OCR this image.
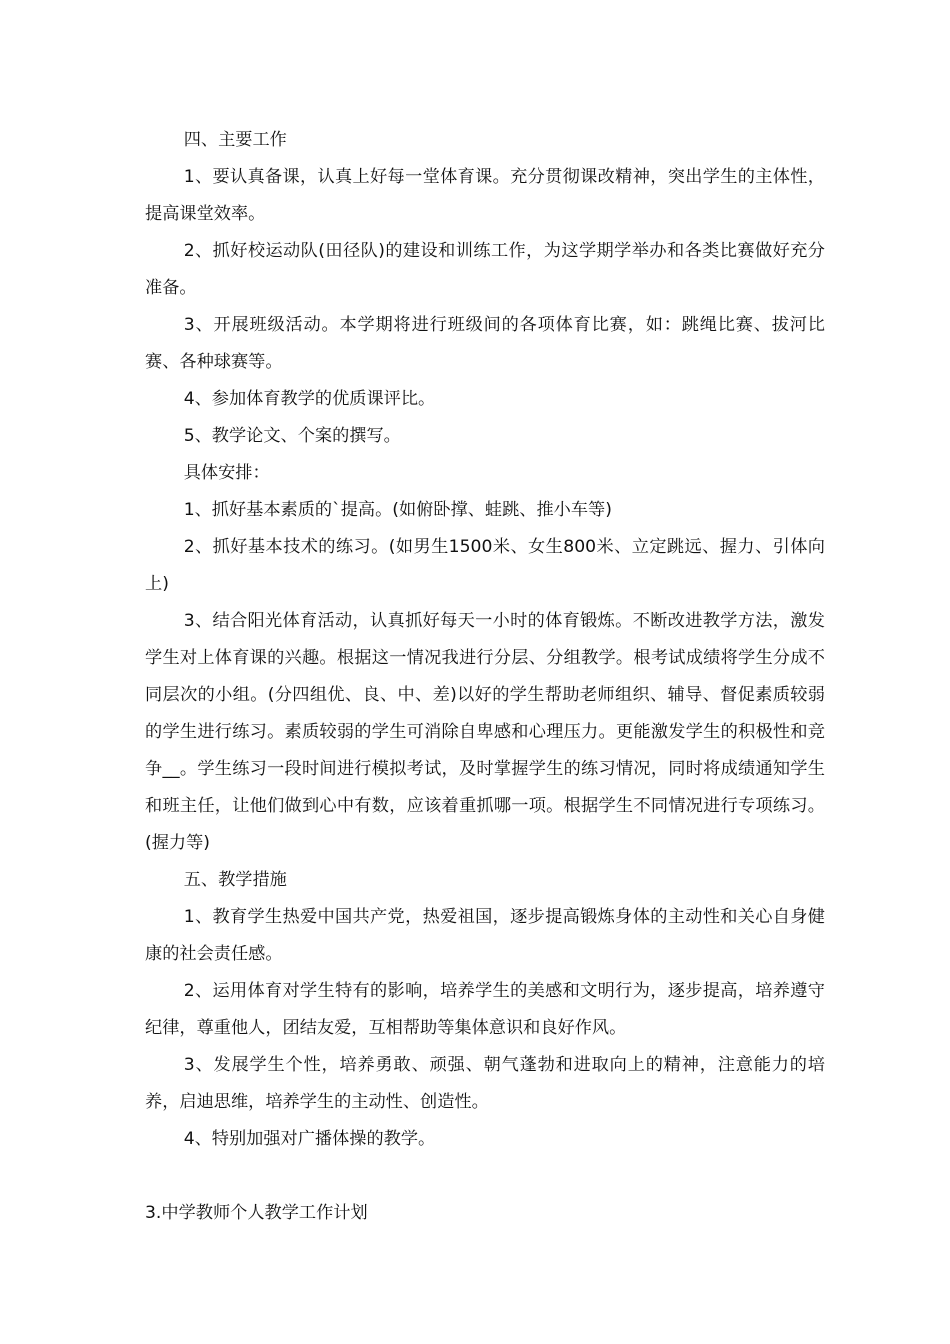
四、主要工作

1、要认真备课，认真上好每一堂体育课。充分贯彻课改精神，突出学生的主体性，提高课堂效率。

2、抓好校运动队(田径队)的建设和训练工作，为这学期学举办和各类比赛做好充分准备。

3、开展班级活动。本学期将进行班级间的各项体育比赛，如：跳绳比赛、拔河比赛、各种球赛等。

4、参加体育教学的优质课评比。

5、教学论文、个案的撰写。

具体安排：

1、抓好基本素质的`提高。(如俯卧撑、蛙跳、推小车等)

2、抓好基本技术的练习。(如男生1500米、女生800米、立定跳远、握力、引体向上)

3、结合阳光体育活动，认真抓好每天一小时的体育锻炼。不断改进教学方法，激发学生对上体育课的兴趣。根据这一情况我进行分层、分组教学。根考试成绩将学生分成不同层次的小组。(分四组优、良、中、差)以好的学生帮助老师组织、辅导、督促素质较弱的学生进行练习。素质较弱的学生可消除自卑感和心理压力。更能激发学生的积极性和竞争__。学生练习一段时间进行模拟考试，及时掌握学生的练习情况，同时将成绩通知学生和班主任，让他们做到心中有数，应该着重抓哪一项。根据学生不同情况进行专项练习。(握力等)

五、教学措施

1、教育学生热爱中国共产党，热爱祖国，逐步提高锻炼身体的主动性和关心自身健康的社会责任感。

2、运用体育对学生特有的影响，培养学生的美感和文明行为，逐步提高，培养遵守纪律，尊重他人，团结友爱，互相帮助等集体意识和良好作风。

3、发展学生个性，培养勇敢、顽强、朝气蓬勃和进取向上的精神，注意能力的培养，启迪思维，培养学生的主动性、创造性。

4、特别加强对广播体操的教学。

3.中学教师个人教学工作计划
